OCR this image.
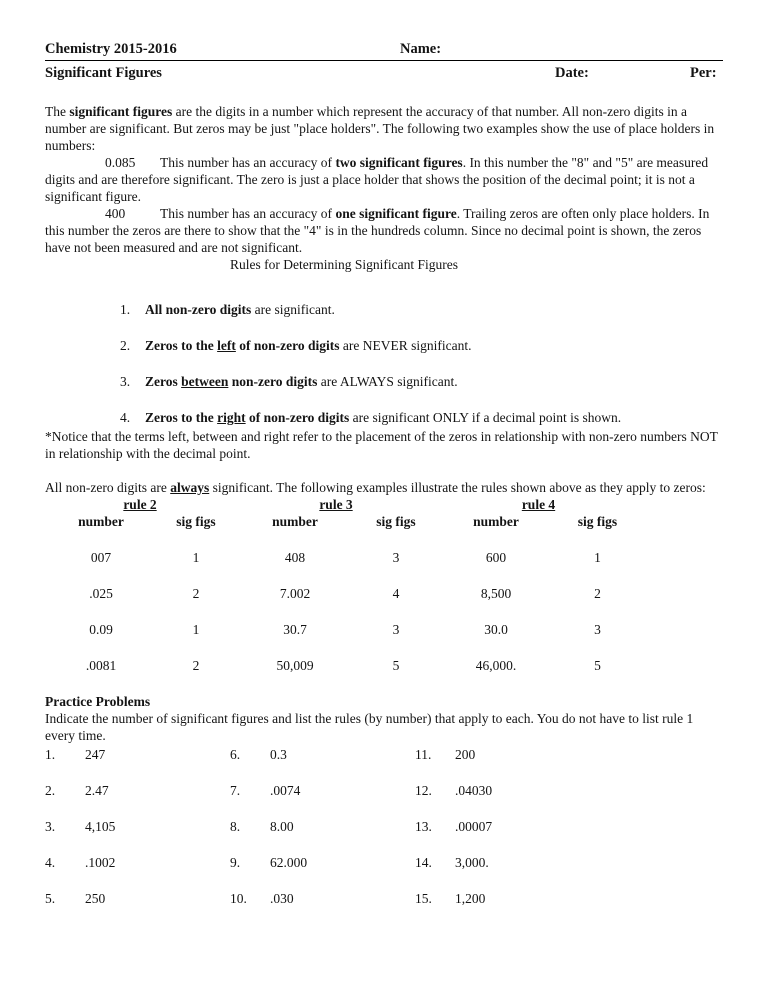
Chemistry 2015-2016	Name:
Significant Figures	Date:	Per:

The significant figures are the digits in a number which represent the accuracy of that number. All non-zero digits in a number are significant. But zeros may be just "place holders". The following two examples show the use of place holders in numbers:

0.085 This number has an accuracy of two significant figures. In this number the "8" and "5" are measured digits and are therefore significant. The zero is just a place holder that shows the position of the decimal point; it is not a significant figure.

400	This number has an accuracy of one significant figure. Trailing zeros are often only place holders. In this number the zeros are there to show that the "4" is in the hundreds column. Since no decimal point is shown, the zeros have not been measured and are not significant.

Rules for Determining Significant Figures

1. All non-zero digits are significant.

2. Zeros to the left of non-zero digits are NEVER significant.

3. Zeros between non-zero digits are ALWAYS significant.

4. Zeros to the right of non-zero digits are significant ONLY if a decimal point is shown.

*Notice that the terms left, between and right refer to the placement of the zeros in relationship with non-zero numbers NOT in relationship with the decimal point.

All non-zero digits are always significant. The following examples illustrate the rules shown above as they apply to zeros:

rule 2	rule 3	rule 4
number	sig figs	number	sig figs	number	sig figs
007	1	408	3	600	1
.025	2	7.002	4	8,500	2
0.09	1	30.7	3	30.0	3
.0081	2	50,009	5	46,000.	5

Practice Problems

Indicate the number of significant figures and list the rules (by number) that apply to each. You do not have to list rule 1 every time.

1.	247	6.	0.3	11.	200
2.	2.47	7.	.0074	12.	.04030
3.	4,105	8.	8.00	13.	.00007
4.	.1002	9.	62.000	14.	3,000.
5.	250	10.	.030	15.	1,200
